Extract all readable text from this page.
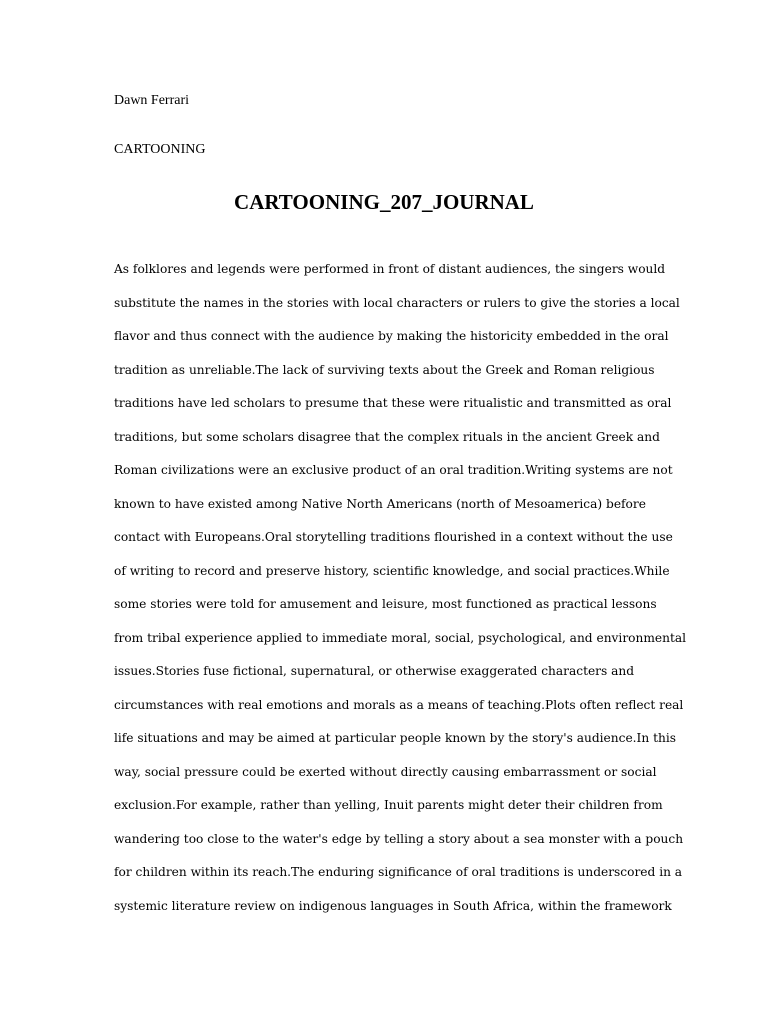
Dawn Ferrari
CARTOONING
CARTOONING_207_JOURNAL
As folklores and legends were performed in front of distant audiences, the singers would
substitute the names in the stories with local characters or rulers to give the stories a local
flavor and thus connect with the audience by making the historicity embedded in the oral
tradition as unreliable.The lack of surviving texts about the Greek and Roman religious
traditions have led scholars to presume that these were ritualistic and transmitted as oral
traditions, but some scholars disagree that the complex rituals in the ancient Greek and
Roman civilizations were an exclusive product of an oral tradition.Writing systems are not
known to have existed among Native North Americans (north of Mesoamerica) before
contact with Europeans.Oral storytelling traditions flourished in a context without the use
of writing to record and preserve history, scientific knowledge, and social practices.While
some stories were told for amusement and leisure, most functioned as practical lessons
from tribal experience applied to immediate moral, social, psychological, and environmental
issues.Stories fuse fictional, supernatural, or otherwise exaggerated characters and
circumstances with real emotions and morals as a means of teaching.Plots often reflect real
life situations and may be aimed at particular people known by the story's audience.In this
way, social pressure could be exerted without directly causing embarrassment or social
exclusion.For example, rather than yelling, Inuit parents might deter their children from
wandering too close to the water's edge by telling a story about a sea monster with a pouch
for children within its reach.The enduring significance of oral traditions is underscored in a
systemic literature review on indigenous languages in South Africa, within the framework
